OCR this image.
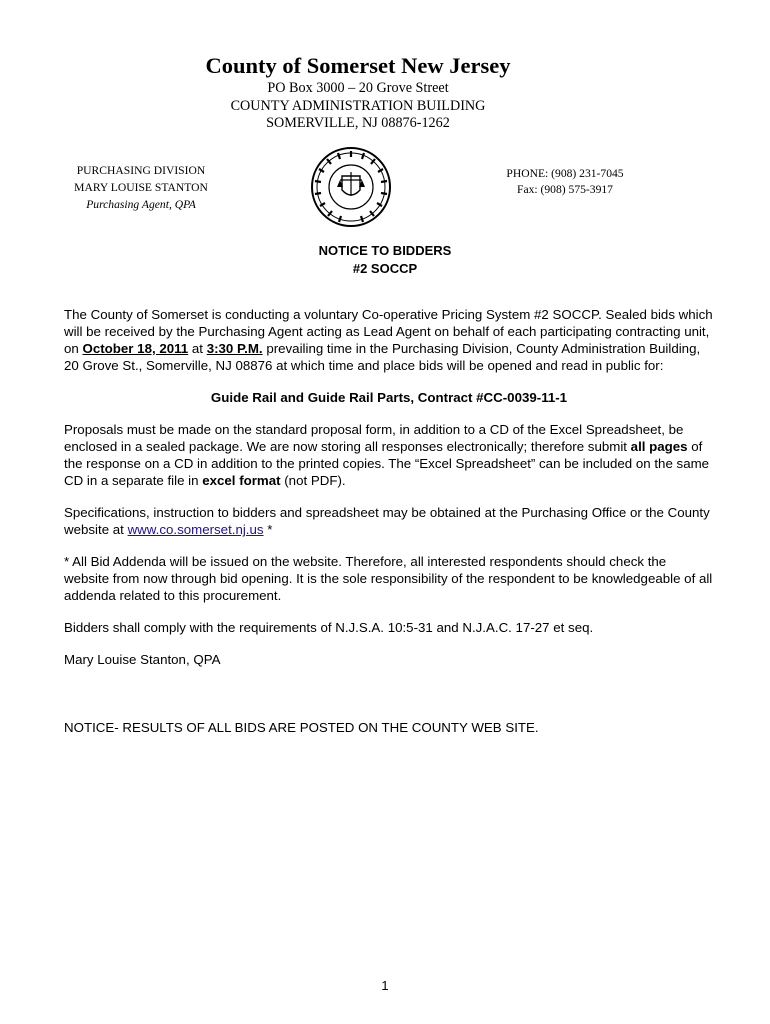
County of Somerset New Jersey
PO Box 3000 – 20 Grove Street
COUNTY ADMINISTRATION BUILDING
SOMERVILLE, NJ 08876-1262
PURCHASING DIVISION
MARY LOUISE STANTON
Purchasing Agent, QPA
PHONE: (908) 231-7045
Fax: (908) 575-3917
NOTICE TO BIDDERS
#2 SOCCP

The County of Somerset is conducting a voluntary Co-operative Pricing System #2 SOCCP. Sealed bids which will be received by the Purchasing Agent acting as Lead Agent on behalf of each participating contracting unit, on October 18, 2011 at 3:30 P.M. prevailing time in the Purchasing Division, County Administration Building, 20 Grove St., Somerville, NJ 08876 at which time and place bids will be opened and read in public for:

Guide Rail and Guide Rail Parts, Contract #CC-0039-11-1

Proposals must be made on the standard proposal form, in addition to a CD of the Excel Spreadsheet, be enclosed in a sealed package. We are now storing all responses electronically; therefore submit all pages of the response on a CD in addition to the printed copies. The “Excel Spreadsheet” can be included on the same CD in a separate file in excel format (not PDF).

Specifications, instruction to bidders and spreadsheet may be obtained at the Purchasing Office or the County website at www.co.somerset.nj.us *

* All Bid Addenda will be issued on the website. Therefore, all interested respondents should check the website from now through bid opening. It is the sole responsibility of the respondent to be knowledgeable of all addenda related to this procurement.

Bidders shall comply with the requirements of N.J.S.A. 10:5-31 and N.J.A.C. 17-27 et seq.

Mary Louise Stanton, QPA

NOTICE- RESULTS OF ALL BIDS ARE POSTED ON THE COUNTY WEB SITE.

1
